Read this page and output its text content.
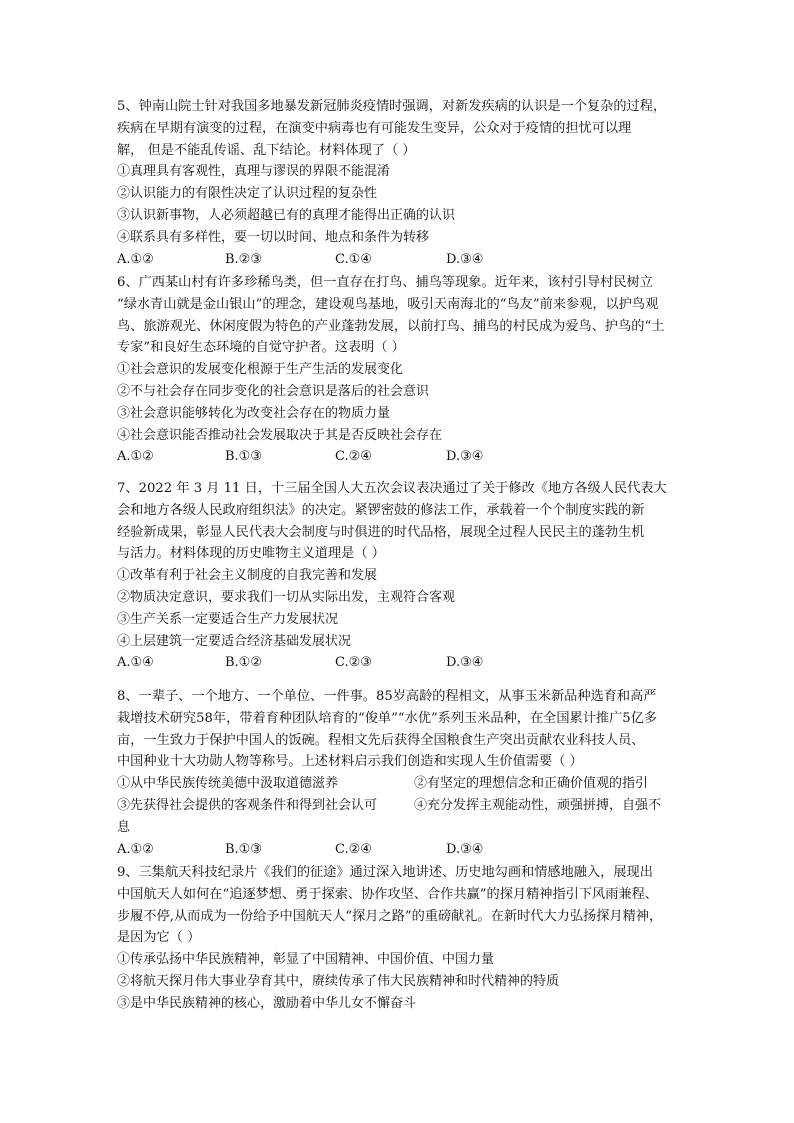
5、钟南山院士针对我国多地暴发新冠肺炎疫情时强调，对新发疾病的认识是一个复杂的过程，
疾病在早期有演变的过程，在演变中病毒也有可能发生变异，公众对于疫情的担忧可以理
解， 但是不能乱传谣、乱下结论。材料体现了（ ）
①真理具有客观性，真理与谬误的界限不能混淆
②认识能力的有限性决定了认识过程的复杂性
③认识新事物，人必须超越已有的真理才能得出正确的认识
④联系具有多样性，要一切以时间、地点和条件为转移
A.①②	B.②③	C.①④	D.③④
6、广西某山村有许多珍稀鸟类，但一直存在打鸟、捕鸟等现象。近年来，该村引导村民树立
“绿水青山就是金山银山”的理念，建设观鸟基地，吸引天南海北的“鸟友”前来参观，以护鸟观
鸟、旅游观光、休闲度假为特色的产业蓬勃发展，以前打鸟、捕鸟的村民成为爱鸟、护鸟的“土
专家”和良好生态环境的自觉守护者。这表明（ ）
①社会意识的发展变化根源于生产生活的发展变化
②不与社会存在同步变化的社会意识是落后的社会意识
③社会意识能够转化为改变社会存在的物质力量
④社会意识能否推动社会发展取决于其是否反映社会存在
A.①②	B.①③	C.②④	D.③④
7、2022 年 3 月 11 日，十三届全国人大五次会议表决通过了关于修改《地方各级人民代表大
会和地方各级人民政府组织法》的决定。紧锣密鼓的修法工作，承载着一个个制度实践的新
经验新成果，彰显人民代表大会制度与时俱进的时代品格，展现全过程人民民主的蓬勃生机
与活力。材料体现的历史唯物主义道理是（ ）
①改革有利于社会主义制度的自我完善和发展
②物质决定意识，要求我们一切从实际出发，主观符合客观
③生产关系一定要适合生产力发展状况
④上层建筑一定要适合经济基础发展状况
A.①④	B.①②	C.②③	D.③④
8、一辈子、一个地方、一个单位、一件事。85岁高龄的程相文，从事玉米新品种选育和高严
栽增技术研究58年，带着育种团队培育的“俊单”“水优”系列玉米品种，在全国累计推广5亿多
亩，一生致力于保护中国人的饭碗。程相文先后获得全国粮食生产突出贡献农业科技人员、
中国种业十大功勋人物等称号。上述材料启示我们创造和实现人生价值需要（ ）
①从中华民族传统美德中汲取道德滋养	②有坚定的理想信念和正确价值观的指引
③先获得社会提供的客观条件和得到社会认可	④充分发挥主观能动性，顽强拼搏，自强不
息
A.①②	B.①③	C.②④	D.③④
9、三集航天科技纪录片《我们的征途》通过深入地讲述、历史地勾画和情感地融入，展现出
中国航天人如何在“追逐梦想、勇于探索、协作攻坚、合作共赢”的探月精神指引下风雨兼程、
步履不停,从而成为一份给予中国航天人“探月之路”的重磅献礼。在新时代大力弘扬探月精神，
是因为它（ ）
①传承弘扬中华民族精神，彰显了中国精神、中国价值、中国力量
②将航天探月伟大事业孕育其中，赓续传承了伟大民族精神和时代精神的特质
③是中华民族精神的核心，激励着中华儿女不懈奋斗
